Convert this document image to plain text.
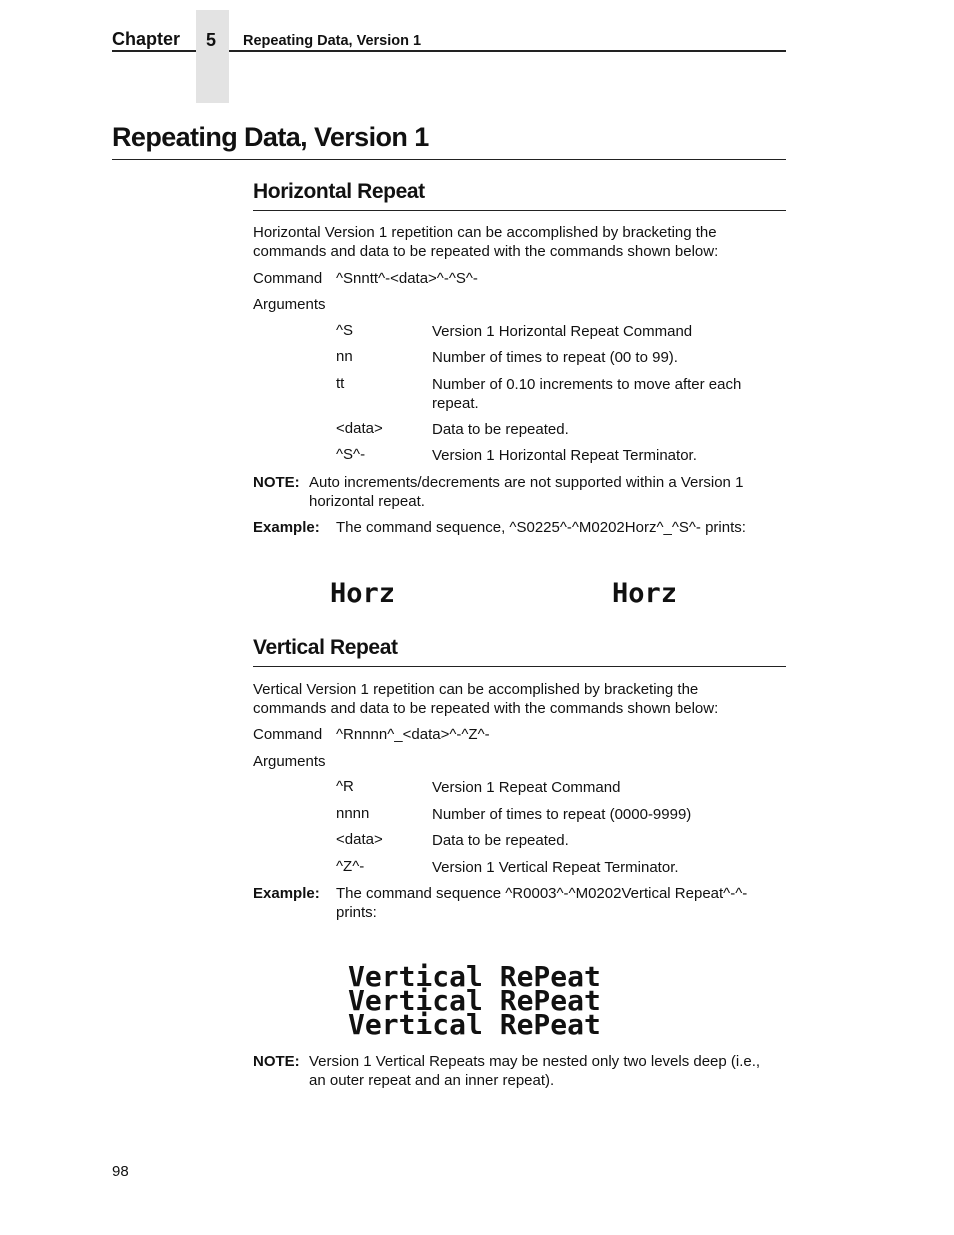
Chapter 5 Repeating Data, Version 1
Repeating Data, Version 1
Horizontal Repeat
Horizontal Version 1 repetition can be accomplished by bracketing the
commands and data to be repeated with the commands shown below:
Command ^Snntt^-<data>^-^S^-
Arguments
^S	Version 1 Horizontal Repeat Command
nn	Number of times to repeat (00 to 99).
tt	Number of 0.10 increments to move after each
repeat.
<data>	Data to be repeated.
^S^-	Version 1 Horizontal Repeat Terminator.
NOTE: Auto increments/decrements are not supported within a Version 1
horizontal repeat.
Example: The command sequence, ^S0225^-^M0202Horz^_^S^- prints:
Horz	Horz
Vertical Repeat
Vertical Version 1 repetition can be accomplished by bracketing the
commands and data to be repeated with the commands shown below:
Command ^Rnnnn^_<data>^-^Z^-
Arguments
^R	Version 1 Repeat Command
nnnn	Number of times to repeat (0000-9999)
<data>	Data to be repeated.
^Z^-	Version 1 Vertical Repeat Terminator.
Example: The command sequence ^R0003^-^M0202Vertical Repeat^-^-
prints:
Vertical RePeat
Vertical RePeat
Vertical RePeat
NOTE: Version 1 Vertical Repeats may be nested only two levels deep (i.e.,
an outer repeat and an inner repeat).
98
